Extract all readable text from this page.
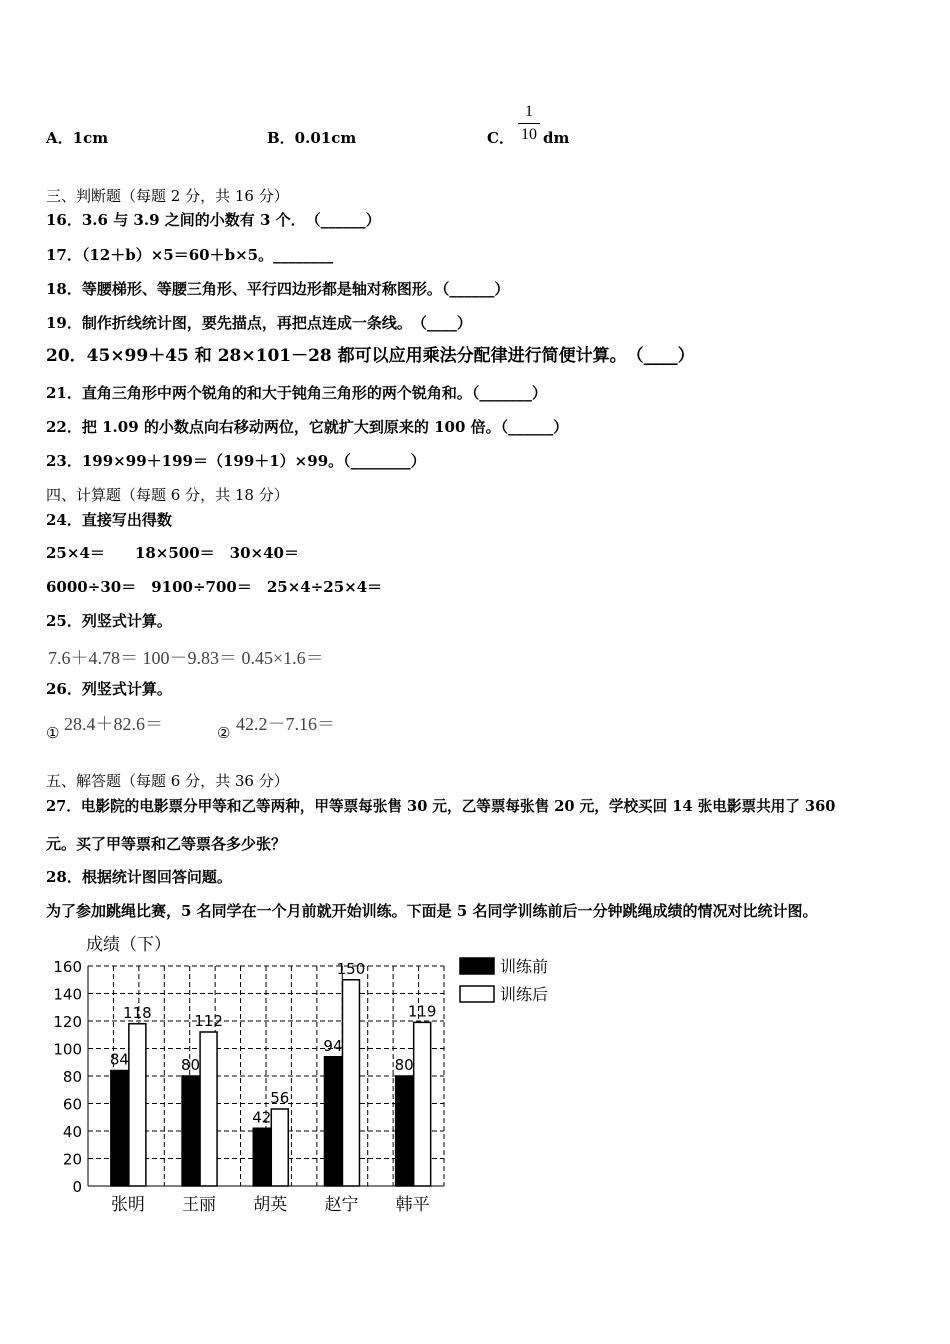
A．1cm	B．0.01cm	C．
1
10 dm
三、判断题（每题 2 分，共 16 分）
16．3.6 与 3.9 之间的小数有 3 个．　（______）
17．（12＋b）×5＝60＋b×5。________
18．等腰梯形、等腰三角形、平行四边形都是轴对称图形。（______）
19．制作折线统计图，要先描点，再把点连成一条线。　（____）
20．45×99＋45 和 28×101－28 都可以应用乘法分配律进行简便计算。　（____）
21．直角三角形中两个锐角的和大于钝角三角形的两个锐角和。（_______）
22．把 1.09 的小数点向右移动两位，它就扩大到原来的 100 倍。（______）
23．199×99＋199＝（199＋1）×99。（________）
四、计算题（每题 6 分，共 18 分）
24．直接写出得数
25×4＝　　18×500＝　30×40＝
6000÷30＝　9100÷700＝　25×4÷25×4＝
25．列竖式计算。
7.6＋4.78＝ 100－9.83＝ 0.45×1.6＝
26．列竖式计算。
① 28.4＋82.6＝	② 42.2－7.16＝
五、解答题（每题 6 分，共 36 分）
27．电影院的电影票分甲等和乙等两种，甲等票每张售 30 元，乙等票每张售 20 元，学校买回 14 张电影票共用了 360
元。买了甲等票和乙等票各多少张？
28．根据统计图回答问题。
为了参加跳绳比赛，5 名同学在一个月前就开始训练。下面是 5 名同学训练前后一分钟跳绳成绩的情况对比统计图。
成绩（下）
84
118
80
112
42
56
94
150
80
119
0
20
40
60
80
100
120
140
160
张明 王丽 胡英 赵宁 韩平
训练前
训练后
